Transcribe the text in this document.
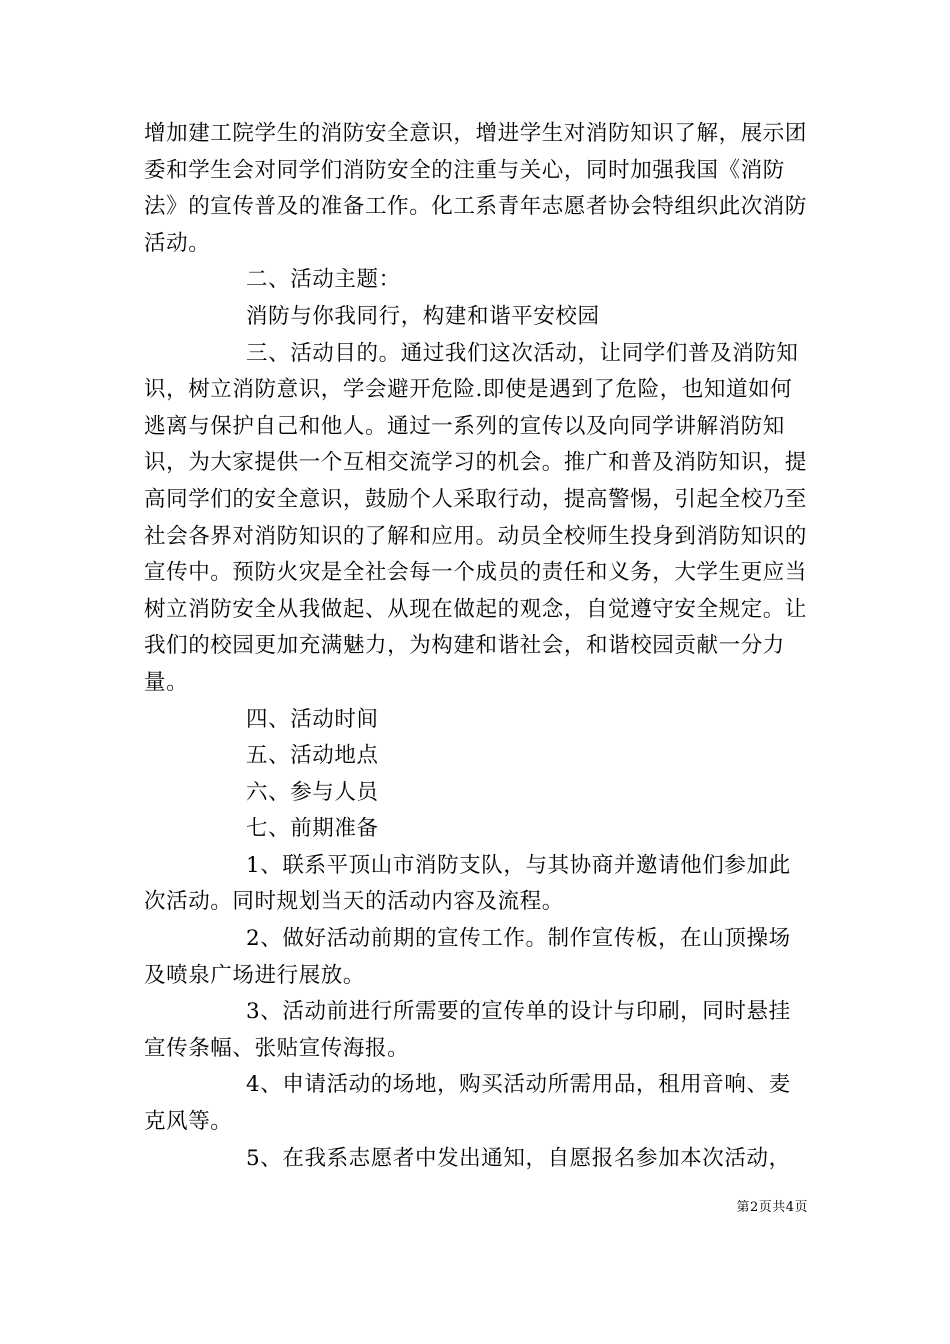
增加建工院学生的消防安全意识，增进学生对消防知识了解，展示团委和学生会对同学们消防安全的注重与关心，同时加强我国《消防法》的宣传普及的准备工作。化工系青年志愿者协会特组织此次消防活动。

二、活动主题：

消防与你我同行，构建和谐平安校园

三、活动目的。通过我们这次活动，让同学们普及消防知识，树立消防意识，学会避开危险.即使是遇到了危险，也知道如何逃离与保护自己和他人。通过一系列的宣传以及向同学讲解消防知识，为大家提供一个互相交流学习的机会。推广和普及消防知识，提高同学们的安全意识，鼓励个人采取行动，提高警惕，引起全校乃至社会各界对消防知识的了解和应用。动员全校师生投身到消防知识的宣传中。预防火灾是全社会每一个成员的责任和义务，大学生更应当树立消防安全从我做起、从现在做起的观念，自觉遵守安全规定。让我们的校园更加充满魅力，为构建和谐社会，和谐校园贡献一分力量。

四、活动时间

五、活动地点

六、参与人员

七、前期准备

1、联系平顶山市消防支队，与其协商并邀请他们参加此次活动。同时规划当天的活动内容及流程。

2、做好活动前期的宣传工作。制作宣传板，在山顶操场及喷泉广场进行展放。

3、活动前进行所需要的宣传单的设计与印刷，同时悬挂宣传条幅、张贴宣传海报。

4、申请活动的场地，购买活动所需用品，租用音响、麦克风等。

5、在我系志愿者中发出通知，自愿报名参加本次活动，

第2页共4页
